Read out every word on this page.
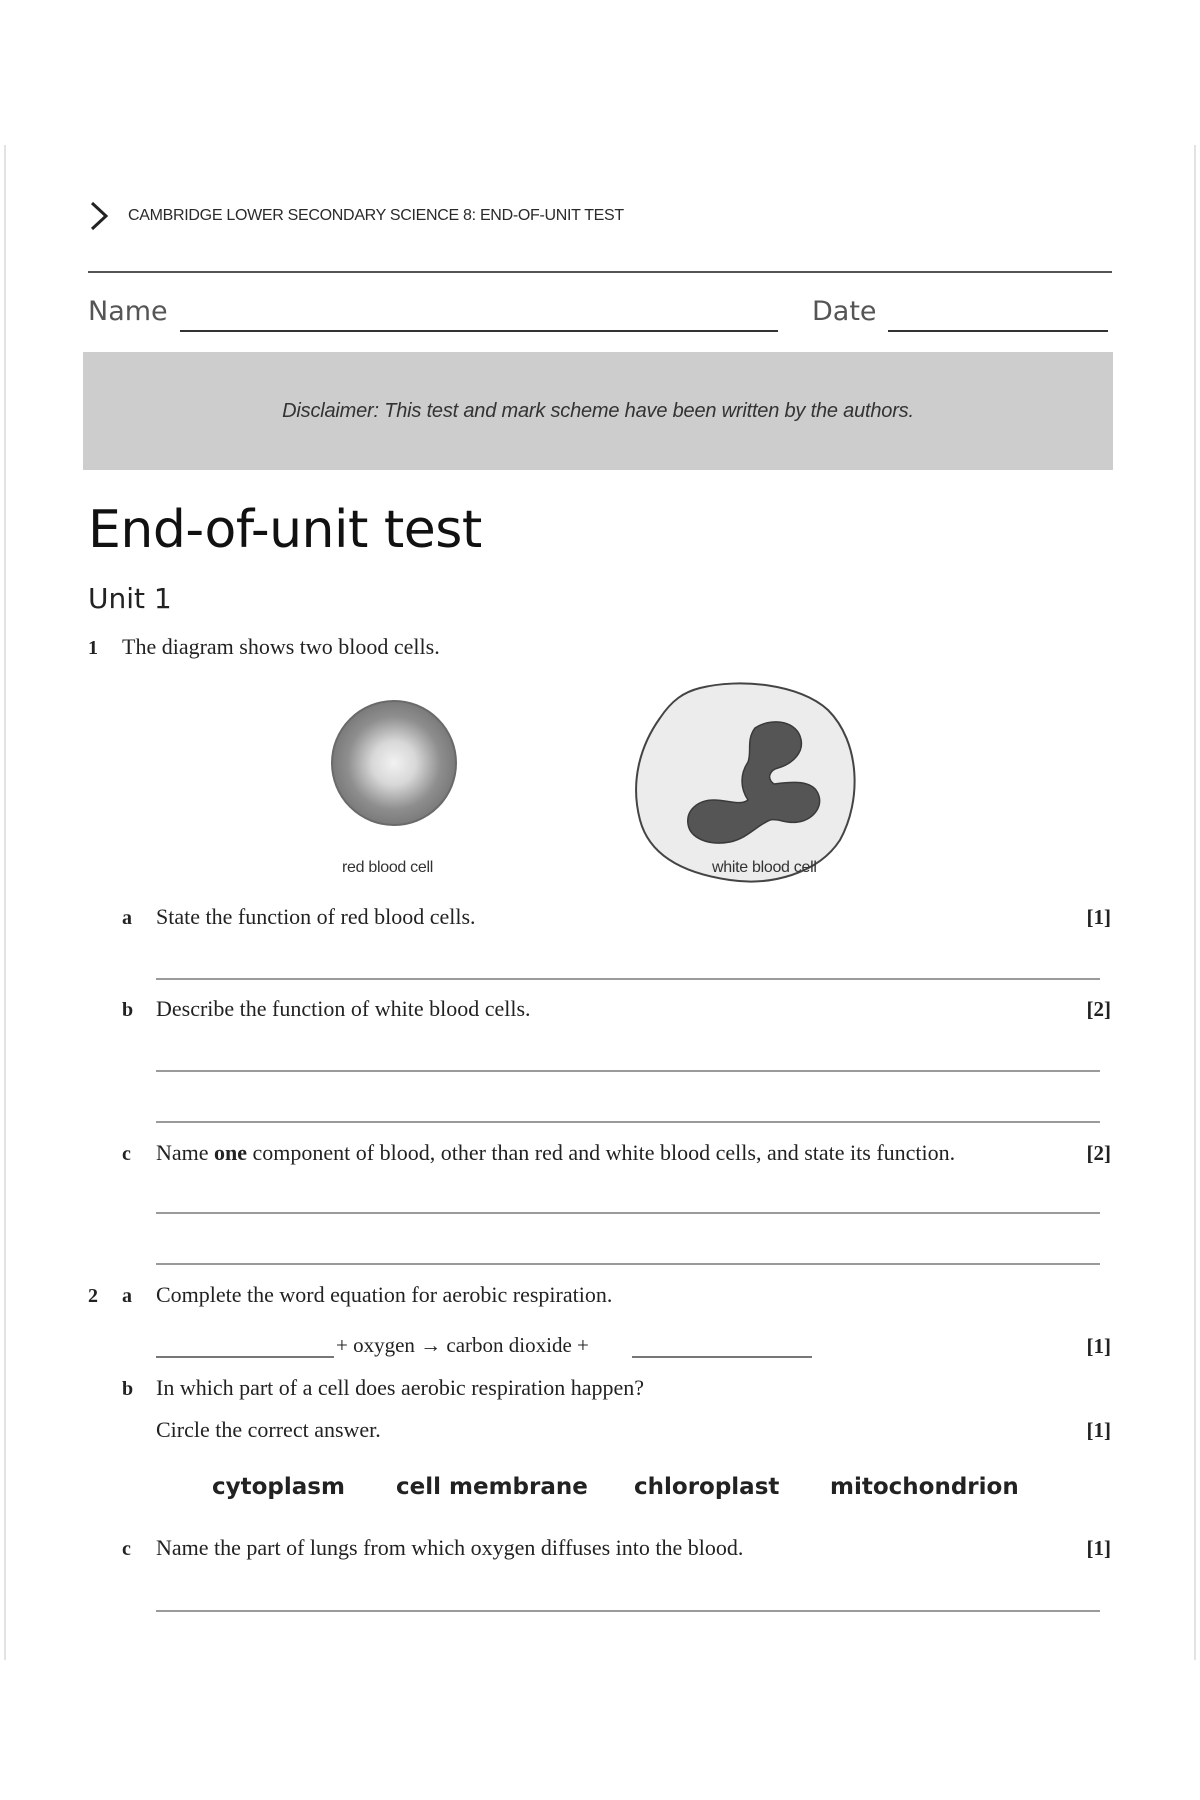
CAMBRIDGE LOWER SECONDARY SCIENCE 8: END-OF-UNIT TEST
Name	Date
Disclaimer: This test and mark scheme have been written by the authors.
End-of-unit test
Unit 1
1 The diagram shows two blood cells.
red blood cell	white blood cell
a State the function of red blood cells.	[1]
b Describe the function of white blood cells.	[2]
c Name one component of blood, other than red and white blood cells, and state its function.	[2]
2 a Complete the word equation for aerobic respiration.
+ oxygen → carbon dioxide +	[1]
b In which part of a cell does aerobic respiration happen?
Circle the correct answer.	[1]
cytoplasm cell membrane chloroplast mitochondrion
c Name the part of lungs from which oxygen diffuses into the blood.	[1]
